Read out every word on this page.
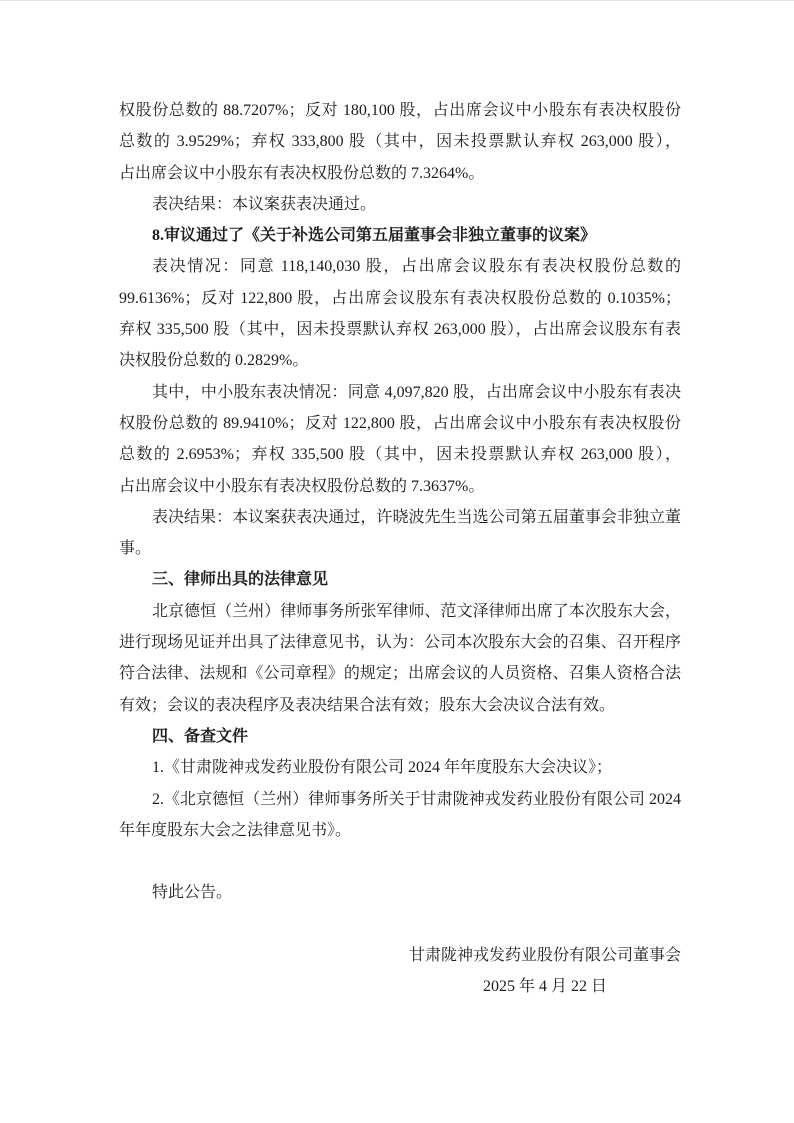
权股份总数的 88.7207%；反对 180,100 股，占出席会议中小股东有表决权股份
总数的 3.9529%；弃权 333,800 股（其中，因未投票默认弃权 263,000 股），
占出席会议中小股东有表决权股份总数的 7.3264%。
表决结果：本议案获表决通过。
8.审议通过了《关于补选公司第五届董事会非独立董事的议案》
表决情况：同意 118,140,030 股，占出席会议股东有表决权股份总数的
99.6136%；反对 122,800 股，占出席会议股东有表决权股份总数的 0.1035%；
弃权 335,500 股（其中，因未投票默认弃权 263,000 股），占出席会议股东有表
决权股份总数的 0.2829%。
其中，中小股东表决情况：同意 4,097,820 股，占出席会议中小股东有表决
权股份总数的 89.9410%；反对 122,800 股，占出席会议中小股东有表决权股份
总数的 2.6953%；弃权 335,500 股（其中，因未投票默认弃权 263,000 股），
占出席会议中小股东有表决权股份总数的 7.3637%。
表决结果：本议案获表决通过，许晓波先生当选公司第五届董事会非独立董
事。
三、律师出具的法律意见
北京德恒（兰州）律师事务所张军律师、范文泽律师出席了本次股东大会，
进行现场见证并出具了法律意见书，认为：公司本次股东大会的召集、召开程序
符合法律、法规和《公司章程》的规定；出席会议的人员资格、召集人资格合法
有效；会议的表决程序及表决结果合法有效；股东大会决议合法有效。
四、备查文件
1.《甘肃陇神戎发药业股份有限公司 2024 年年度股东大会决议》；
2.《北京德恒（兰州）律师事务所关于甘肃陇神戎发药业股份有限公司 2024
年年度股东大会之法律意见书》。
特此公告。
甘肃陇神戎发药业股份有限公司董事会
2025 年 4 月 22 日
